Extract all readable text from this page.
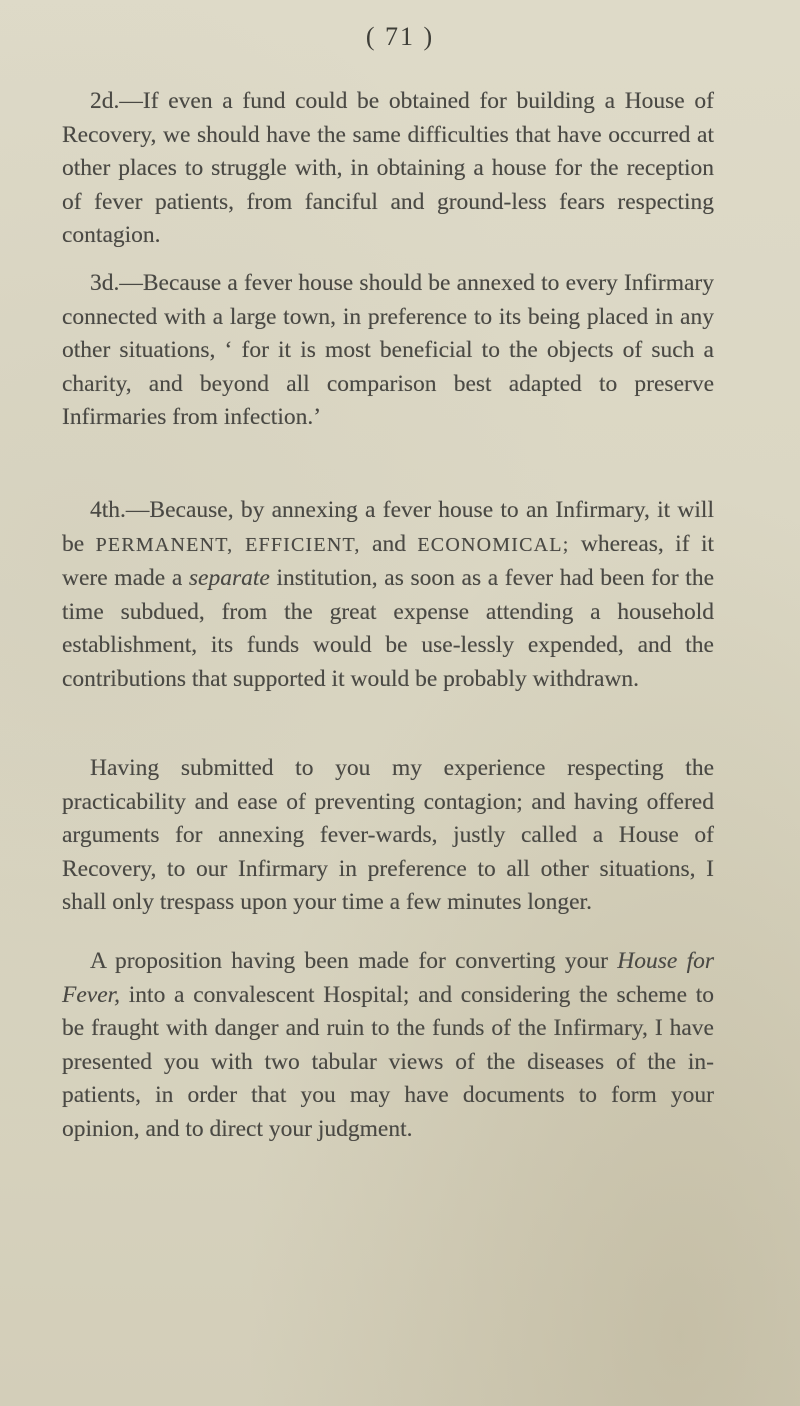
( 71 )

2d.—If even a fund could be obtained for building a House of Recovery, we should have the same difficulties that have occurred at other places to struggle with, in obtaining a house for the reception of fever patients, from fanciful and ground-less fears respecting contagion.

3d.—Because a fever house should be annexed to every Infirmary connected with a large town, in preference to its being placed in any other situations, ‘ for it is most beneficial to the objects of such a charity, and beyond all comparison best adapted to preserve Infirmaries from infection.’

4th.—Because, by annexing a fever house to an Infirmary, it will be PERMANENT, EFFICIENT, and ECONOMICAL; whereas, if it were made a separate institution, as soon as a fever had been for the time subdued, from the great expense attending a household establishment, its funds would be use-lessly expended, and the contributions that supported it would be probably withdrawn.

Having submitted to you my experience respecting the practicability and ease of preventing contagion; and having offered arguments for annexing fever-wards, justly called a House of Recovery, to our Infirmary in preference to all other situations, I shall only trespass upon your time a few minutes longer.

A proposition having been made for converting your House for Fever, into a convalescent Hospital; and considering the scheme to be fraught with danger and ruin to the funds of the Infirmary, I have presented you with two tabular views of the diseases of the in-patients, in order that you may have documents to form your opinion, and to direct your judgment.
